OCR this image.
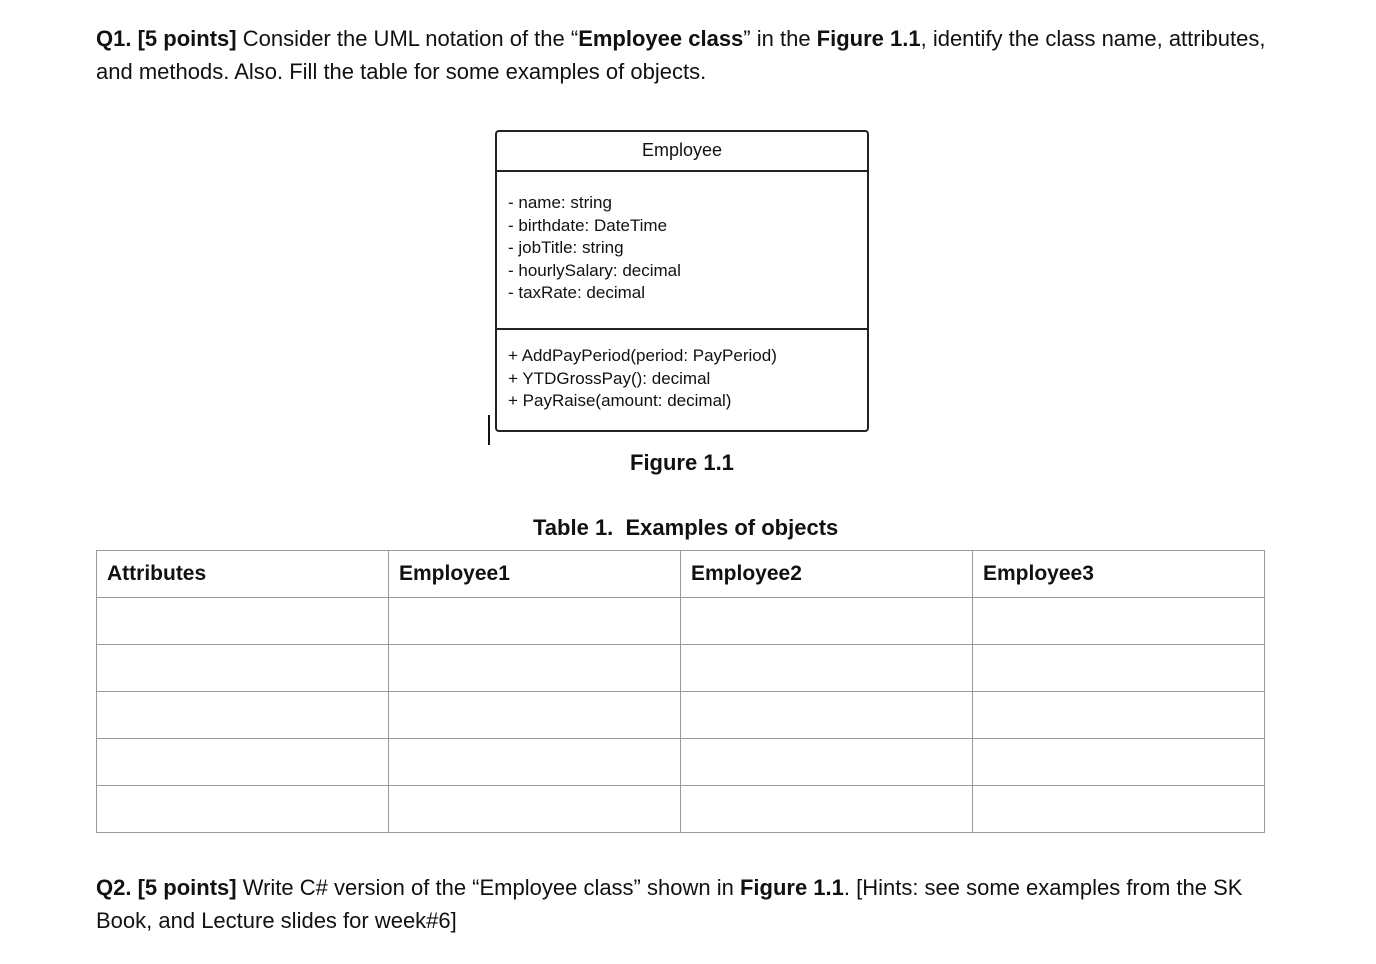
Q1. [5 points] Consider the UML notation of the “Employee class” in the Figure 1.1, identify the class name, attributes, and methods. Also. Fill the table for some examples of objects.

Employee
- name: string
- birthdate: DateTime
- jobTitle: string
- hourlySalary: decimal
- taxRate: decimal
+ AddPayPeriod(period: PayPeriod)
+ YTDGrossPay(): decimal
+ PayRaise(amount: decimal)
Figure 1.1
Table 1.  Examples of objects
Attributes	Employee1	Employee2	Employee3

Q2. [5 points] Write C# version of the “Employee class” shown in Figure 1.1. [Hints: see some examples from the SK Book, and Lecture slides for week#6]
